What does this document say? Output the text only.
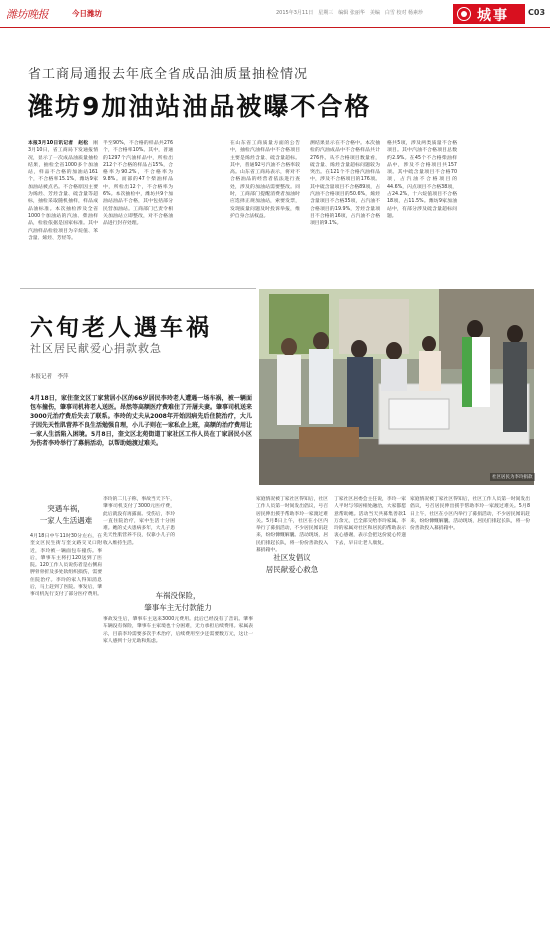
潍坊晚报	今日潍坊	2015年3月11日　星期三　编辑 张丽华　美编　白雪 校对 杨素珍	城事 C03
省工商局通报去年底全省成品油质量抽检情况
潍坊9加油站油品被曝不合格
本报3月10日讯记者　赵松　刚3月10日，省工商局下发通报情况，显示了一次成品油质量抽检结果，抽检全省1000多个加油站，样品不合格的加油站161个，不合格率15.1%，潍坊9家加油站被点名。不合格原因主要为烯烃、芳烃含量、硫含量等超标，抽检采取随机抽样，样品成品油标准。本次抽检涉及全省1000个加油站的汽油、柴油样品，检验依据是国家标准。其中汽油样品检验项目为辛烷值、苯含量、烯烃、芳烃等。
半至90%，不合格的样品共276个，不合格率10%。其中，普通的1297个汽油样品中，所检出212个不合格的样品占15%，合格率为90.2%，不合格率为9.8%。而部的47个柴油样品中，所检出12个，不合格率为6%。本次抽检中，潍坊共9个加油站油品不合格，其中包括部分民营加油站。工商部门已责令相关加油站立即整改，对不合格油品进行封存处理。
在山东省工商质量方面的公告中，抽检汽油样品中不合格项目主要是烯烃含量、硫含量超标。其中，普通92号汽油不合格率较高。山东省工商局表示，将对不合格油品的经营者依法进行查处，涉及的加油站需要整改。同时，工商部门提醒消费者加油时应选择正规加油站，索要发票，发现质量问题及时投诉举报，维护自身合法权益。
测结果显示在不合格中。本次抽检的汽油成品中不合格样品共计276件。从不合格项目数量看，硫含量、烯烃含量超标问题较为突出。在121个不合格汽油样品中，涉及不合格项目的176项。其中硫含量项目不合格89项，占汽油不合格项目的50.6%，烯烃含量项目不合格35项，占汽油不合格项目的19.9%，芳烃含量项目不合格的16项，占汽油不合格项目的9.1%。
格共5项，涉及两类质量不合格项目。其中汽油不合格项目总数约2.9%。在45个不合格柴油样品中，涉及不合格项目共157项。其中硫含量项目不合格70项，占汽油不合格项目的44.6%，闪点项目不合格38项，占24.2%，十六烷值项目不合格18项，占11.5%。潍坊9家加油站中，有部分涉及硫含量超标问题。
六旬老人遇车祸
社区居民献爱心捐款救急
本报记者　李萍
4月18日，家住奎文区丁家营居小区的66岁居民李玲老人遭遇一场车祸，被一辆面包车撞伤，肇事司机将老人送医。昂然等高额医疗费难住了开屠夫妻。肇事司机送来3000元治疗费后失去了联系。李玲的丈夫从2008年开始因病先后住院治疗，大儿子因先天性肌营养不良生活勉强自理，小儿子则在一家私企上班，高额的治疗费用让一家人生活陷入困境。5月8日，奎文区北苑街道丁家社区工作人员在丁家居民小区为伤者李玲举行了募捐活动，以帮助她渡过难关。
社区居民为李玲捐款
突遇车祸，
一家人生活遇难
4月18日中午11时30分左右，在奎文区民生街与奎文路交叉口附近，李玲被一辆面包车撞伤。事后，肇事车主将打120送到了医院。120工作人员说伤者是右侧肩胛骨骨折及多处软组织损伤，需要住院治疗。李玲的家人得知消息后，马上赶到了医院。事发后，肇事司机先行支付了部分医疗费用。
李玲的二儿子称，事故当天下午，肇事司机支付了3000元医疗费，此后就没有再露面。受伤后，李玲一直住院治疗，家中生活十分困难。她的丈夫患病多年，大儿子患先天性肌营养不良，仅靠小儿子的收入维持生活。
车祸没保险，
肇事车主无付款能力
事故发生后，肇事车主送来3000元费用。此后已经没有了音讯。肇事车辆没有保险，肇事车主家境也十分困难，无力承担后续费用。家属表示，目前李玲需要多次手术治疗，后续费用至少还需要数万元，这让一家人感到十分无助和焦虑。
社区发倡议
居民献爱心救急
家庭情况被丁家社区得知后，社区工作人员第一时间发出倡议，号召居民伸出援手帮助李玲一家渡过难关。5月8日上午，社区在小区内举行了募捐活动，不少居民闻讯赶来，纷纷慷慨解囊。活动现场，居民们排起长队，将一份份善款投入募捐箱中。
丁家社区居委会主任说，李玲一家人平时与邻居相处融洽，大家都愿意帮助她。活动当天共募集善款1万余元，已全部交给李玲家属。李玲的家属对社区和居民的帮助表示衷心感谢，表示会把这份爱心传递下去，早日让老人康复。
家庭情况被丁家社区得知后，社区工作人员第一时间发出倡议，号召居民伸出援手帮助李玲一家渡过难关。5月8日上午，社区在小区内举行了募捐活动，不少居民闻讯赶来，纷纷慷慨解囊。活动现场，居民们排起长队，将一份份善款投入募捐箱中。
